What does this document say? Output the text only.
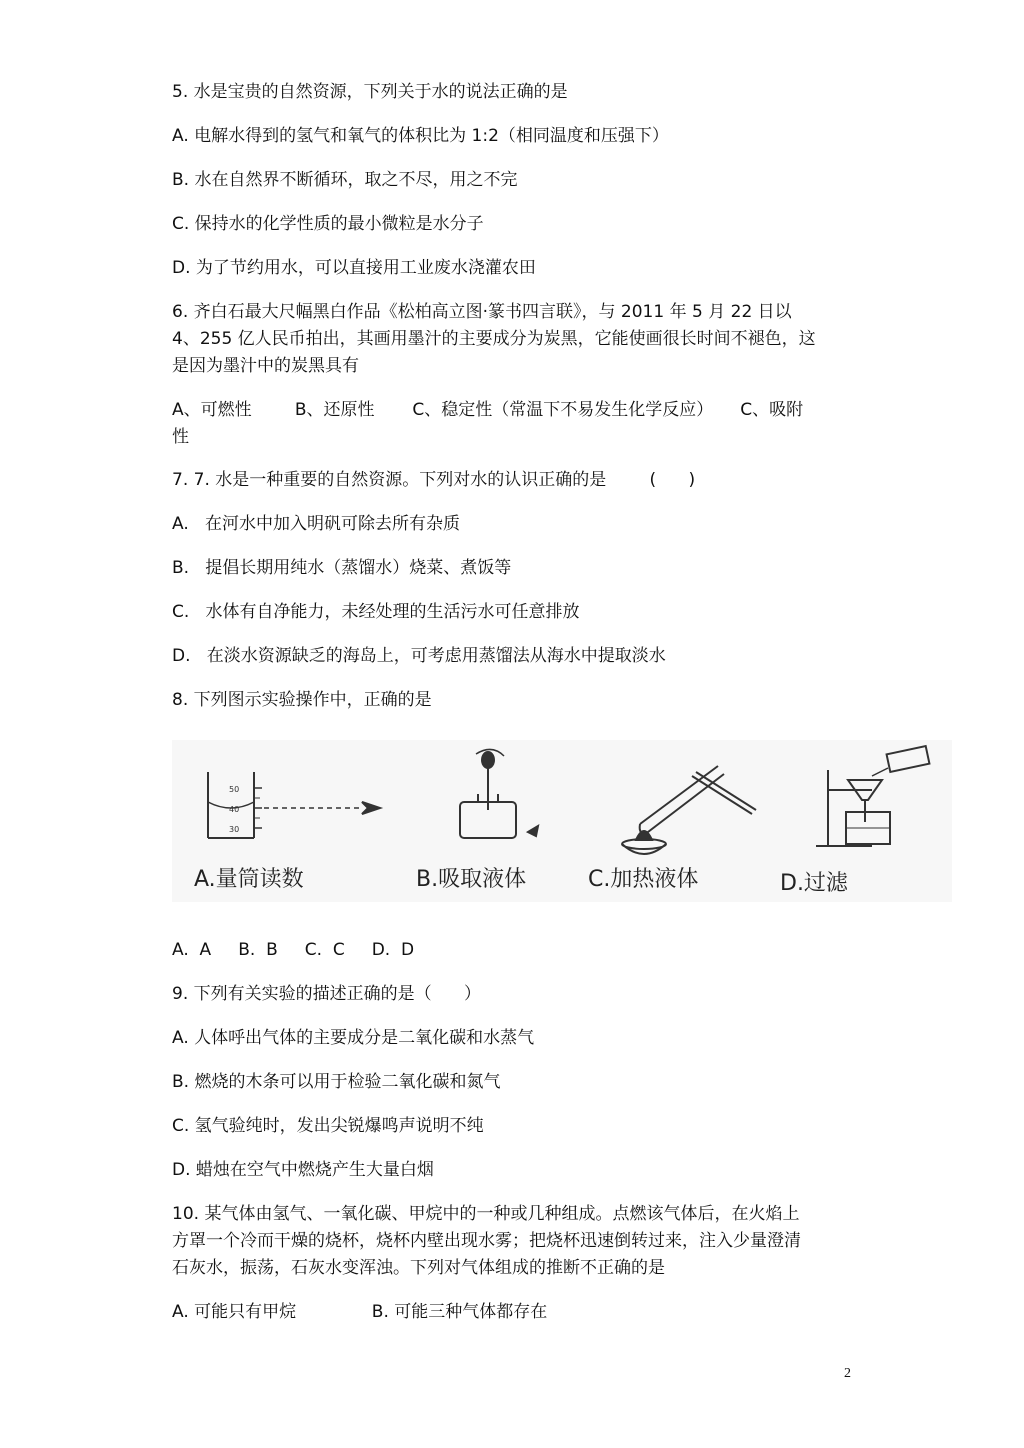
5. 水是宝贵的自然资源，下列关于水的说法正确的是
A. 电解水得到的氢气和氧气的体积比为 1:2（相同温度和压强下）
B. 水在自然界不断循环，取之不尽，用之不完
C. 保持水的化学性质的最小微粒是水分子
D. 为了节约用水，可以直接用工业废水浇灌农田
6. 齐白石最大尺幅黑白作品《松柏高立图·篆书四言联》，与 2011 年 5 月 22 日以
4、255 亿人民币拍出，其画用墨汁的主要成分为炭黑，它能使画很长时间不褪色，这
是因为墨汁中的炭黑具有
A、可燃性        B、还原性       C、稳定性（常温下不易发生化学反应）     C、吸附
性
7. 7. 水是一种重要的自然资源。下列对水的认识正确的是        (      )
A.   在河水中加入明矾可除去所有杂质
B.   提倡长期用纯水（蒸馏水）烧菜、煮饭等
C.   水体有自净能力，未经处理的生活污水可任意排放
D.   在淡水资源缺乏的海岛上，可考虑用蒸馏法从海水中提取淡水
8. 下列图示实验操作中，正确的是
50
40
30
A.量筒读数	B.吸取液体	C.加热液体	D.过滤
A.  A     B.  B     C.  C     D.  D
9. 下列有关实验的描述正确的是（      ）
A. 人体呼出气体的主要成分是二氧化碳和水蒸气
B. 燃烧的木条可以用于检验二氧化碳和氮气
C. 氢气验纯时，发出尖锐爆鸣声说明不纯
D. 蜡烛在空气中燃烧产生大量白烟
10. 某气体由氢气、一氧化碳、甲烷中的一种或几种组成。点燃该气体后，在火焰上
方罩一个冷而干燥的烧杯，烧杯内壁出现水雾；把烧杯迅速倒转过来，注入少量澄清
石灰水，振荡，石灰水变浑浊。下列对气体组成的推断不正确的是
A. 可能只有甲烷              B. 可能三种气体都存在
2
